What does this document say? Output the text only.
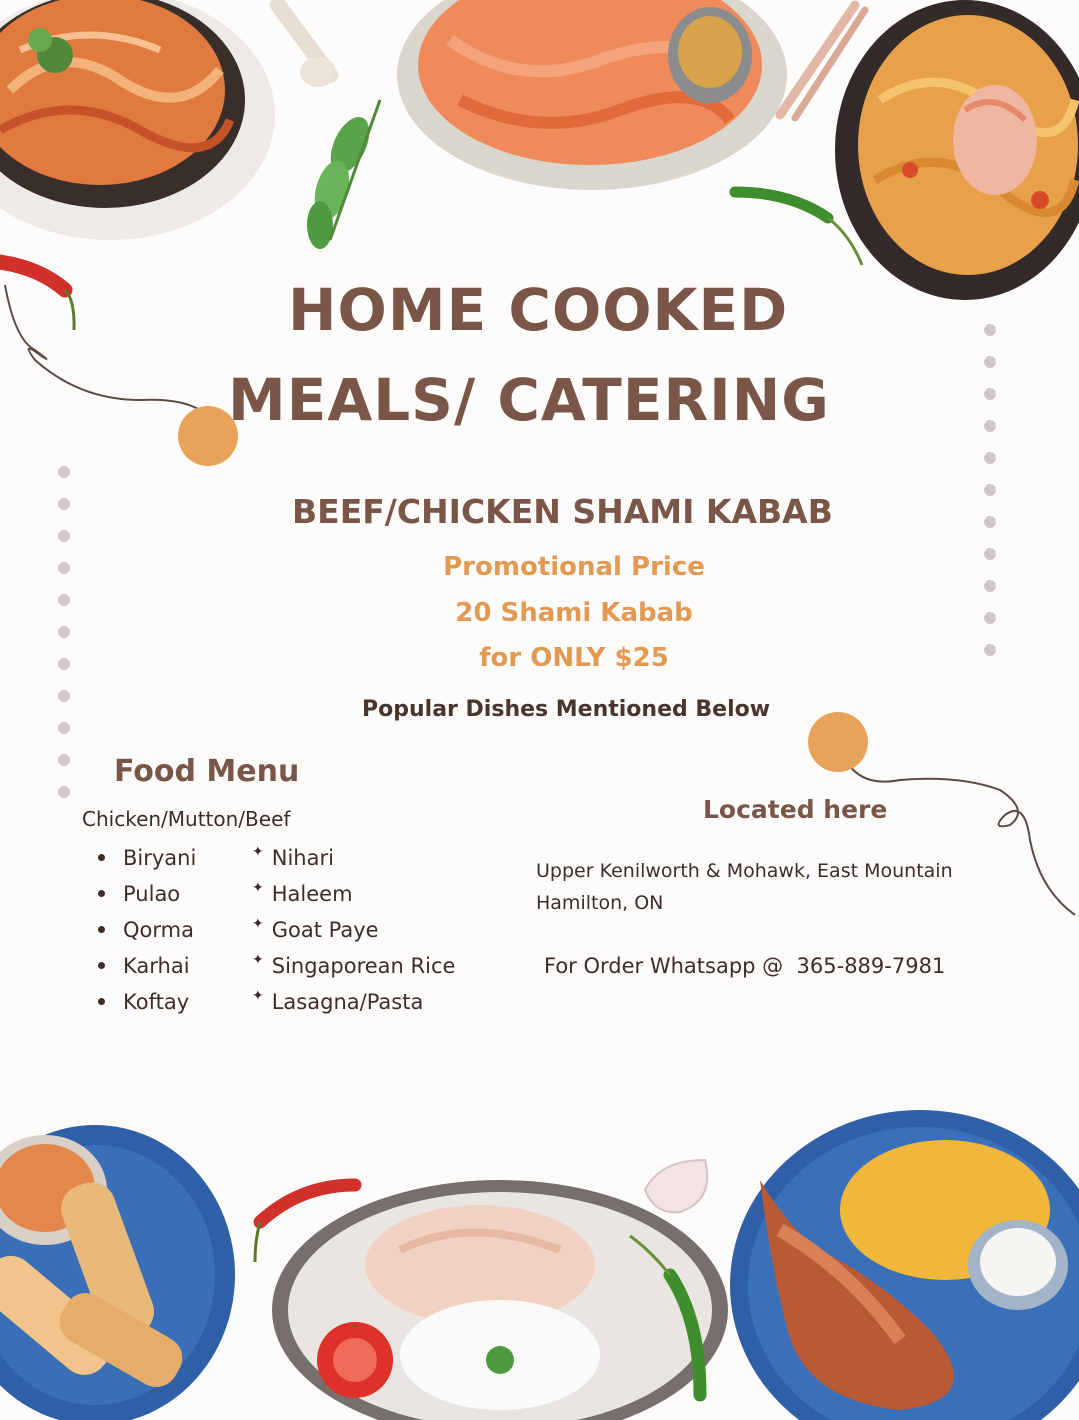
HOME COOKED
MEALS/ CATERING
BEEF/CHICKEN SHAMI KABAB
Promotional Price
20 Shami Kabab
for ONLY $25
Popular Dishes Mentioned Below
Food Menu
Chicken/Mutton/Beef
Biryani
Pulao
Qorma
Karhai
Koftay
✦ Nihari
✦ Haleem
✦ Goat Paye
✦ Singaporean Rice
✦ Lasagna/Pasta
Located here
Upper Kenilworth & Mohawk, East Mountain
Hamilton, ON
For Order Whatsapp @ 365-889-7981
